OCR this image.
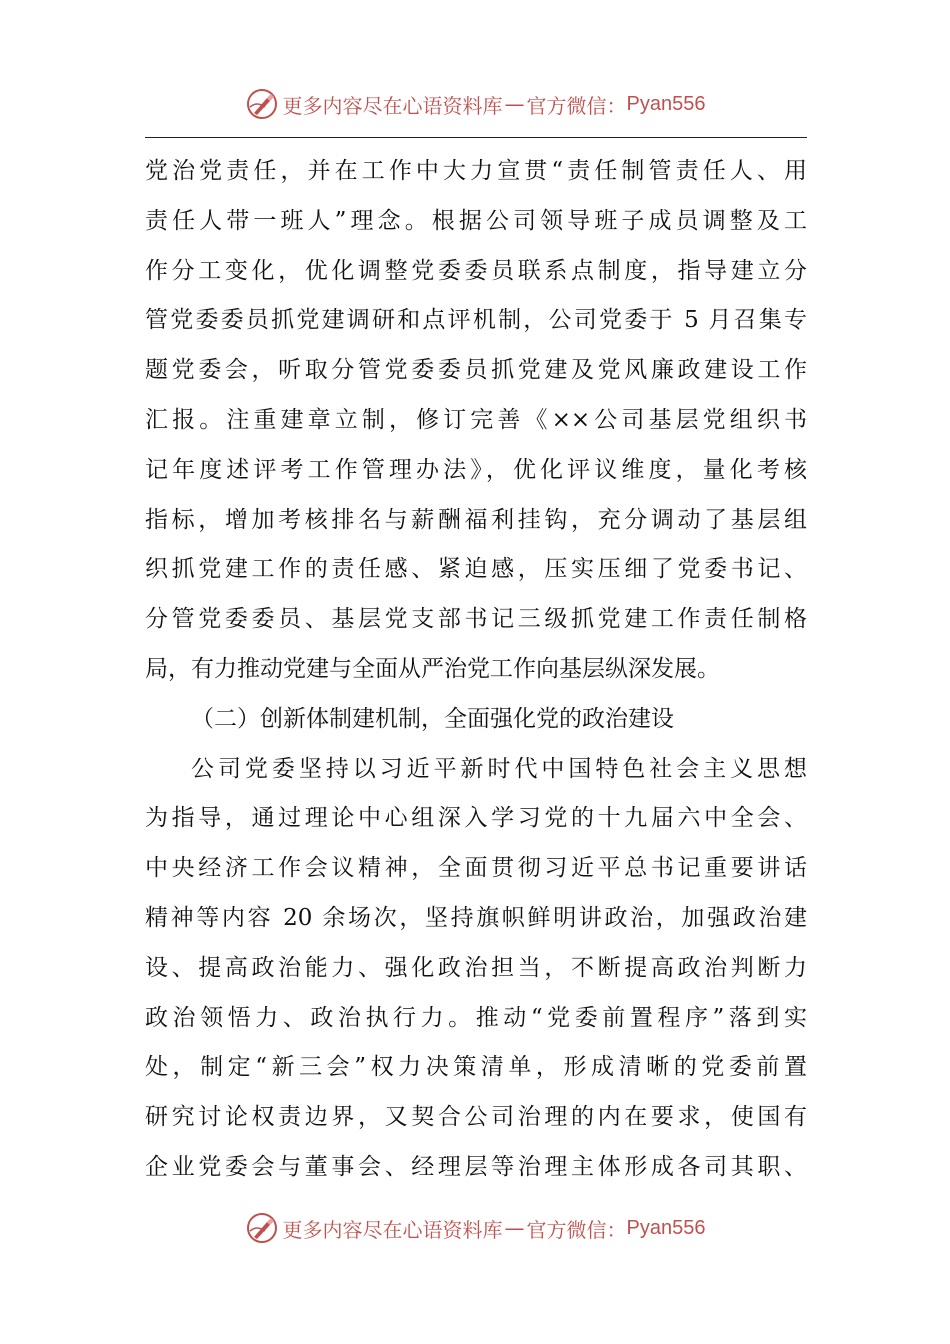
更多内容尽在心语资料库 — 官方微信： Pyan556
党治党责任，并在工作中大力宣贯“责任制管责任人、用
责任人带一班人”理念。根据公司领导班子成员调整及工
作分工变化，优化调整党委委员联系点制度，指导建立分
管党委委员抓党建调研和点评机制，公司党委于 5 月召集专
题党委会，听取分管党委委员抓党建及党风廉政建设工作
汇报。注重建章立制，修订完善《××公司基层党组织书
记年度述评考工作管理办法》，优化评议维度，量化考核
指标，增加考核排名与薪酬福利挂钩，充分调动了基层组
织抓党建工作的责任感、紧迫感，压实压细了党委书记、
分管党委委员、基层党支部书记三级抓党建工作责任制格
局，有力推动党建与全面从严治党工作向基层纵深发展。
（二）创新体制建机制，全面强化党的政治建设
公司党委坚持以习近平新时代中国特色社会主义思想
为指导，通过理论中心组深入学习党的十九届六中全会、
中央经济工作会议精神，全面贯彻习近平总书记重要讲话
精神等内容 20 余场次，坚持旗帜鲜明讲政治，加强政治建
设、提高政治能力、强化政治担当，不断提高政治判断力
政治领悟力、政治执行力。推动“党委前置程序”落到实
处，制定“新三会”权力决策清单，形成清晰的党委前置
研究讨论权责边界，又契合公司治理的内在要求，使国有
企业党委会与董事会、经理层等治理主体形成各司其职、
更多内容尽在心语资料库 — 官方微信： Pyan556
